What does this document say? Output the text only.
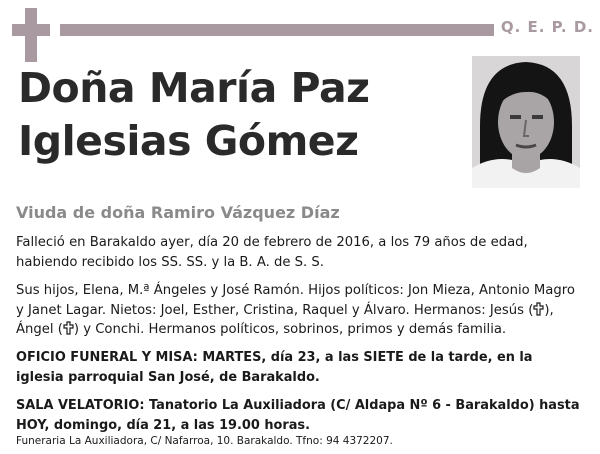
Q. E. P. D.
Doña María Paz
Iglesias Gómez
Viuda de doña Ramiro Vázquez Díaz
Falleció en Barakaldo ayer, día 20 de febrero de 2016, a los 79 años de edad, habiendo recibido los SS. SS. y la B. A. de S. S.
Sus hijos, Elena, M.ª Ángeles y José Ramón. Hijos políticos: Jon Mieza, Antonio Magro y Janet Lagar. Nietos: Joel, Esther, Cristina, Raquel y Álvaro. Hermanos: Jesús ( ),
Ángel ( ) y Conchi. Hermanos políticos, sobrinos, primos y demás familia.
OFICIO FUNERAL Y MISA: MARTES, día 23, a las SIETE de la tarde, en la iglesia parroquial San José, de Barakaldo.
SALA VELATORIO: Tanatorio La Auxiliadora (C/ Aldapa Nº 6 - Barakaldo) hasta HOY, domingo, día 21, a las 19.00 horas.
Funeraria La Auxiliadora, C/ Nafarroa, 10. Barakaldo. Tfno: 94 4372207.
